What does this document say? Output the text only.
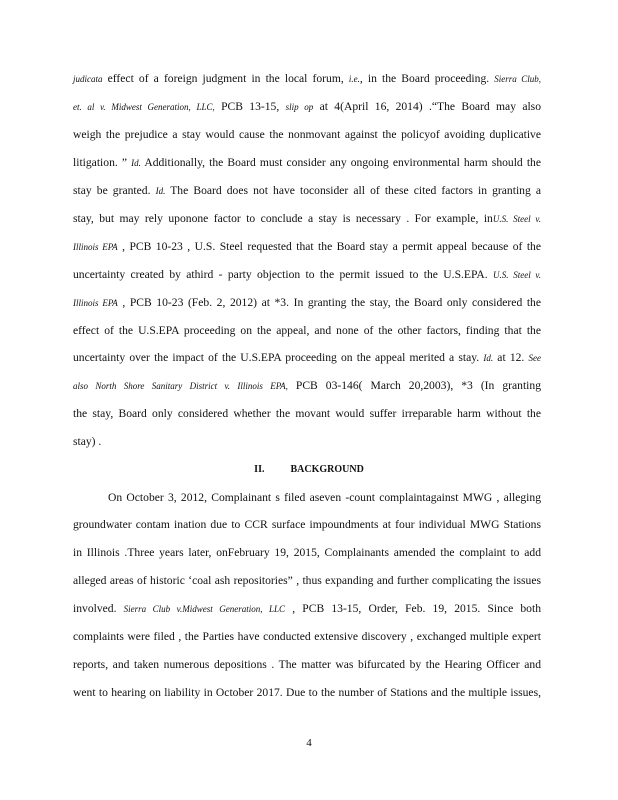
judicata effect of a foreign judgment in the local forum, i.e., in the Board proceeding. Sierra Club,
et. al v. Midwest Generation, LLC, PCB 13-15, slip op at 4(April 16, 2014) .“The Board may also
weigh the prejudice a stay would cause the nonmovant against the policyof avoiding duplicative
litigation. ” Id. Additionally, the Board must consider any ongoing environmental harm should the
stay be granted. Id. The Board does not have toconsider all of these cited factors in granting a
stay, but may rely uponone factor to conclude a stay is necessary . For example, inU.S. Steel v.
Illinois EPA , PCB 10-23 , U.S. Steel requested that the Board stay a permit appeal because of the
uncertainty created by athird - party objection to the permit issued to the U.S.EPA. U.S. Steel v.
Illinois EPA , PCB 10-23 (Feb. 2, 2012) at *3. In granting the stay, the Board only considered the
effect of the U.S.EPA proceeding on the appeal, and none of the other factors, finding that the
uncertainty over the impact of the U.S.EPA proceeding on the appeal merited a stay. Id. at 12. See
also North Shore Sanitary District v. Illinois EPA, PCB 03-146( March 20,2003), *3 (In granting
the stay, Board only considered whether the movant would suffer irreparable harm without the
stay) .
II.	BACKGROUND
On October 3, 2012, Complainant s filed aseven -count complaintagainst MWG , alleging
groundwater contam ination due to CCR surface impoundments at four individual MWG Stations
in Illinois .Three years later, onFebruary 19, 2015, Complainants amended the complaint to add
alleged areas of historic ‘coal ash repositories” , thus expanding and further complicating the issues
involved. Sierra Club v.Midwest Generation, LLC , PCB 13-15, Order, Feb. 19, 2015. Since both
complaints were filed , the Parties have conducted extensive discovery , exchanged multiple expert
reports, and taken numerous depositions . The matter was bifurcated by the Hearing Officer and
went to hearing on liability in October 2017. Due to the number of Stations and the multiple issues,
4
